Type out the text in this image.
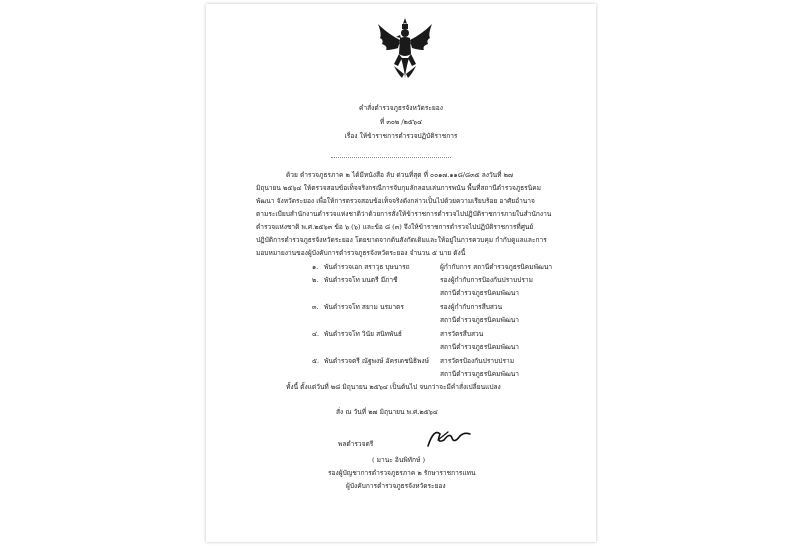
คำสั่งตำรวจภูธรจังหวัดระยอง
ที่ ๓๐๒ /๒๕๖๔
เรื่อง ให้ข้าราชการตำรวจปฏิบัติราชการ
ด้วย ตำรวจภูธรภาค ๒ ได้มีหนังสือ ลับ ด่วนที่สุด ที่ ๐๐๑๗.๑๑๘/๘๓๕ ลงวันที่ ๒๗
มิถุนายน ๒๕๖๔ ให้ตรวจสอบข้อเท็จจริงกรณีการจับกุมลักลอบเล่นการพนัน พื้นที่สถานีตำรวจภูธรนิคม
พัฒนา จังหวัดระยอง เพื่อให้การตรวจสอบข้อเท็จจริงดังกล่าวเป็นไปด้วยความเรียบร้อย อาศัยอำนาจ
ตามระเบียบสำนักงานตำรวจแห่งชาติว่าด้วยการสั่งให้ข้าราชการตำรวจไปปฏิบัติราชการภายในสำนักงาน
ตำรวจแห่งชาติ พ.ศ.๒๕๖๓ ข้อ ๖ (๖) และข้อ ๘ (๓) จึงให้ข้าราชการตำรวจไปปฏิบัติราชการที่ศูนย์
ปฏิบัติการตำรวจภูธรจังหวัดระยอง โดยขาดจากต้นสังกัดเดิมและให้อยู่ในการควบคุม กำกับดูแลและการ
มอบหมายงานของผู้บังคับการตำรวจภูธรจังหวัดระยอง จำนวน ๕ นาย ดังนี้
๑. พันตำรวจเอก สราวุธ บุษนารถ	ผู้กำกับการ สถานีตำรวจภูธรนิคมพัฒนา
๒. พันตำรวจโท มนตรี มีภาชี	รองผู้กำกับการป้องกันปราบปราม
สถานีตำรวจภูธรนิคมพัฒนา
๓. พันตำรวจโท สยาม นรมาตร	รองผู้กำกับการสืบสวน
สถานีตำรวจภูธรนิคมพัฒนา
๔. พันตำรวจโท วินัย สนิทพันธ์	สารวัตรสืบสวน
สถานีตำรวจภูธรนิคมพัฒนา
๕. พันตำรวจตรี ณัฐพงษ์ อัครเดชนิธิพงษ์ สารวัตรป้องกันปราบปราม
สถานีตำรวจภูธรนิคมพัฒนา
ทั้งนี้ ตั้งแต่วันที่ ๒๘ มิถุนายน ๒๕๖๔ เป็นต้นไป จนกว่าจะมีคำสั่งเปลี่ยนแปลง
สั่ง ณ วันที่ ๒๗ มิถุนายน พ.ศ.๒๕๖๔
พลตำรวจตรี
( มานะ อินพิทักษ์ )
รองผู้บัญชาการตำรวจภูธรภาค ๒ รักษาราชการแทน
ผู้บังคับการตำรวจภูธรจังหวัดระยอง
